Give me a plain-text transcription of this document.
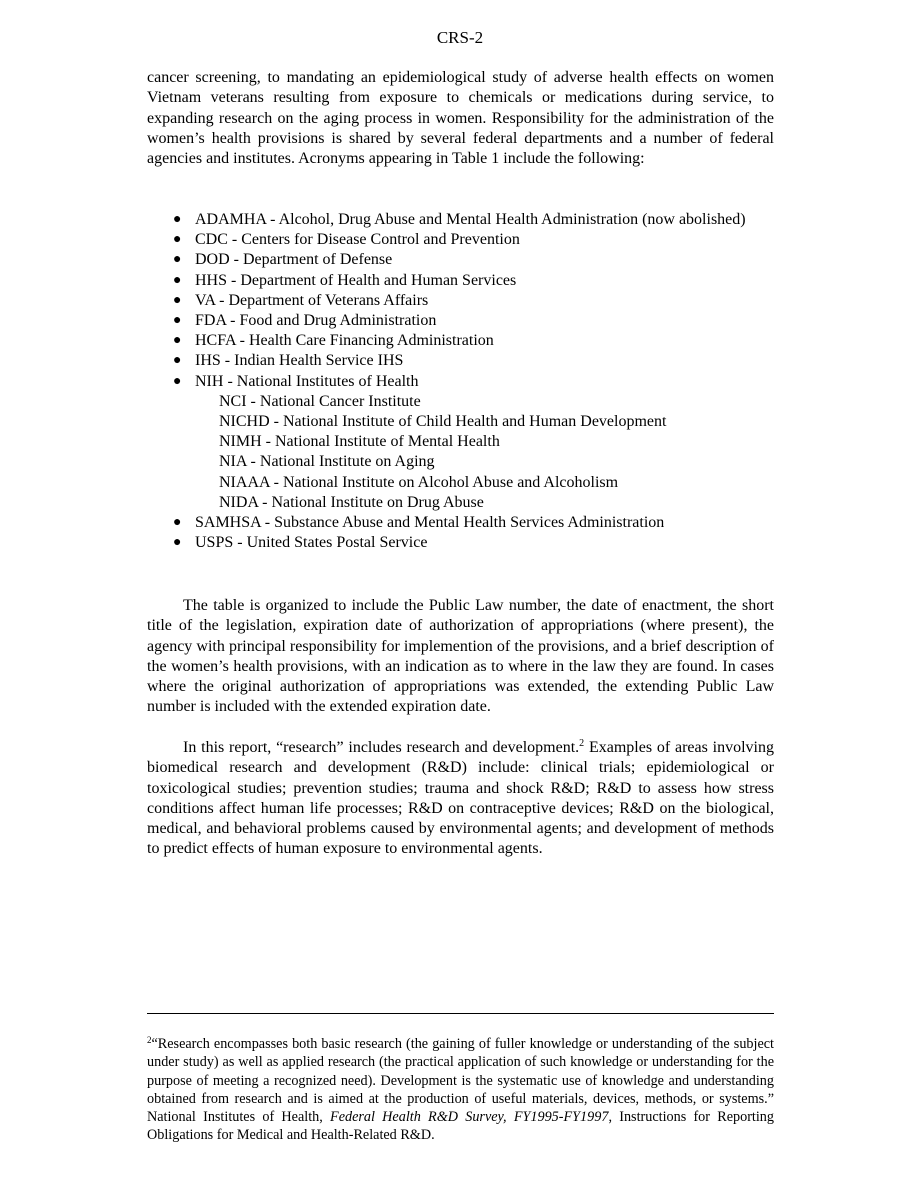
CRS-2

cancer screening, to mandating an epidemiological study of adverse health effects on women Vietnam veterans resulting from exposure to chemicals or medications during service, to expanding research on the aging process in women. Responsibility for the administration of the women’s health provisions is shared by several federal departments and a number of federal agencies and institutes. Acronyms appearing in Table 1 include the following:

● ADAMHA - Alcohol, Drug Abuse and Mental Health Administration (now abolished)
● CDC - Centers for Disease Control and Prevention
● DOD - Department of Defense
● HHS - Department of Health and Human Services
● VA - Department of Veterans Affairs
● FDA - Food and Drug Administration
● HCFA - Health Care Financing Administration
● IHS - Indian Health Service IHS
● NIH - National Institutes of Health
NCI - National Cancer Institute
NICHD - National Institute of Child Health and Human Development
NIMH - National Institute of Mental Health
NIA - National Institute on Aging
NIAAA - National Institute on Alcohol Abuse and Alcoholism
NIDA - National Institute on Drug Abuse
● SAMHSA - Substance Abuse and Mental Health Services Administration
● USPS - United States Postal Service

The table is organized to include the Public Law number, the date of enactment, the short title of the legislation, expiration date of authorization of appropriations (where present), the agency with principal responsibility for implemention of the provisions, and a brief description of the women’s health provisions, with an indication as to where in the law they are found. In cases where the original authorization of appropriations was extended, the extending Public Law number is included with the extended expiration date.

In this report, “research” includes research and development.$^2$ Examples of areas involving biomedical research and development (R&D) include: clinical trials; epidemiological or toxicological studies; prevention studies; trauma and shock R&D; R&D to assess how stress conditions affect human life processes; R&D on contraceptive devices; R&D on the biological, medical, and behavioral problems caused by environmental agents; and development of methods to predict effects of human exposure to environmental agents.

$^2$“Research encompasses both basic research (the gaining of fuller knowledge or understanding of the subject under study) as well as applied research (the practical application of such knowledge or understanding for the purpose of meeting a recognized need). Development is the systematic use of knowledge and understanding obtained from research and is aimed at the production of useful materials, devices, methods, or systems.” National Institutes of Health, Federal Health R&D Survey, FY1995-FY1997, Instructions for Reporting Obligations for Medical and Health-Related R&D.
